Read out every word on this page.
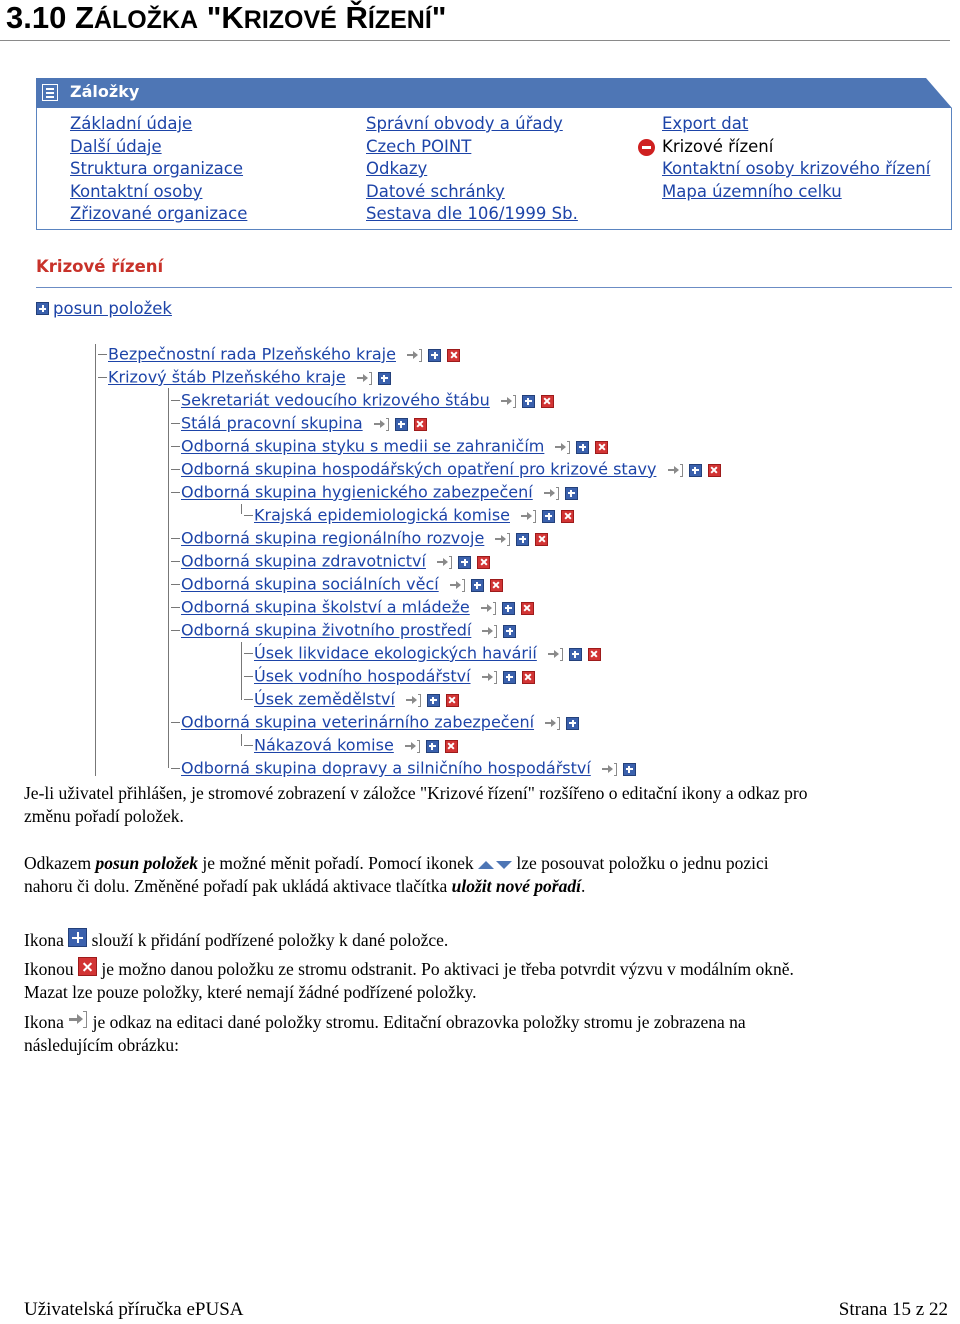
3.10 ZÁLOŽKA "KRIZOVÉ ŘÍZENÍ"
Záložky
Základní údaje
Další údaje
Struktura organizace
Kontaktní osoby
Zřizované organizace
Správní obvody a úřady
Czech POINT
Odkazy
Datové schránky
Sestava dle 106/1999 Sb.
Export dat
Krizové řízení
Kontaktní osoby krizového řízení
Mapa územního celku
Krizové řízení
posun položek
Bezpečnostní rada Plzeňského kraje
Krizový štáb Plzeňského kraje
Sekretariát vedoucího krizového štábu
Stálá pracovní skupina
Odborná skupina styku s medii se zahraničím
Odborná skupina hospodářských opatření pro krizové stavy
Odborná skupina hygienického zabezpečení
Krajská epidemiologická komise
Odborná skupina regionálního rozvoje
Odborná skupina zdravotnictví
Odborná skupina sociálních věcí
Odborná skupina školství a mládeže
Odborná skupina životního prostředí
Úsek likvidace ekologických havárií
Úsek vodního hospodářství
Úsek zemědělství
Odborná skupina veterinárního zabezpečení
Nákazová komise
Odborná skupina dopravy a silničního hospodářství
Je-li uživatel přihlášen, je stromové zobrazení v záložce "Krizové řízení" rozšířeno o editační ikony a odkaz pro
změnu pořadí položek.
Odkazem posun položek je možné měnit pořadí. Pomocí ikonek  lze posouvat položku o jednu pozici
nahoru či dolu. Změněné pořadí pak ukládá aktivace tlačítka uložit nové pořadí.
Ikona  slouží k přidání podřízené položky k dané položce.
Ikonou  je možno danou položku ze stromu odstranit. Po aktivaci je třeba potvrdit výzvu v modálním okně.
Mazat lze pouze položky, které nemají žádné podřízené položky.
Ikona
je odkaz na editaci dané položky stromu. Editační obrazovka položky stromu je zobrazena na
následujícím obrázku:
Uživatelská příručka ePUSA	Strana 15 z 22
